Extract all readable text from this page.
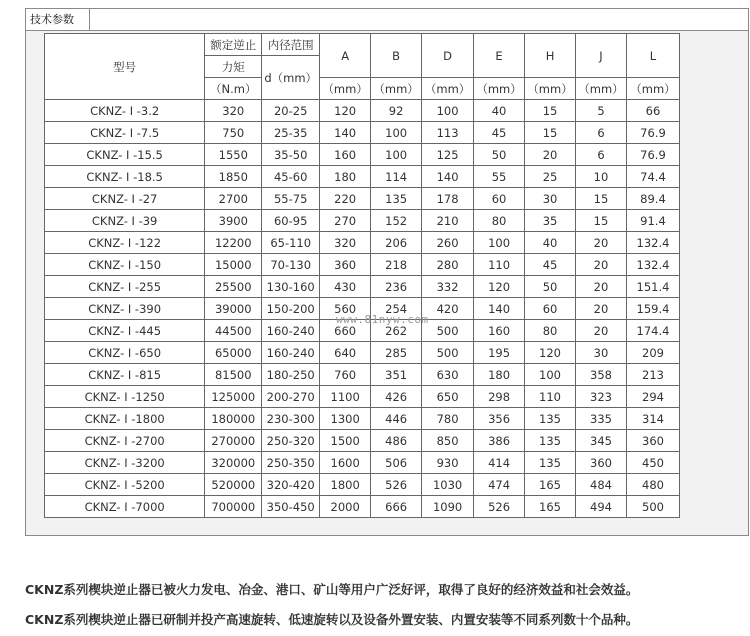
技术参数
型号	额定逆止	内径范围	A	B	D	E	H	J	L
	力矩	d（mm）							
	（N.m）		（mm）	（mm）	（mm）	（mm）	（mm）	（mm）	（mm）
CKNZ- I -3.2	320	20-25	120	92	100	40	15	5	66
CKNZ- I -7.5	750	25-35	140	100	113	45	15	6	76.9
CKNZ- I -15.5	1550	35-50	160	100	125	50	20	6	76.9
CKNZ- I -18.5	1850	45-60	180	114	140	55	25	10	74.4
CKNZ- I -27	2700	55-75	220	135	178	60	30	15	89.4
CKNZ- I -39	3900	60-95	270	152	210	80	35	15	91.4
CKNZ- I -122	12200	65-110	320	206	260	100	40	20	132.4
CKNZ- I -150	15000	70-130	360	218	280	110	45	20	132.4
CKNZ- I -255	25500	130-160	430	236	332	120	50	20	151.4
CKNZ- I -390	39000	150-200	560	254	420	140	60	20	159.4
CKNZ- I -445	44500	160-240	660	262	500	160	80	20	174.4
CKNZ- I -650	65000	160-240	640	285	500	195	120	30	209
CKNZ- I -815	81500	180-250	760	351	630	180	100	358	213
CKNZ- I -1250	125000	200-270	1100	426	650	298	110	323	294
CKNZ- I -1800	180000	230-300	1300	446	780	356	135	335	314
CKNZ- I -2700	270000	250-320	1500	486	850	386	135	345	360
CKNZ- I -3200	320000	250-350	1600	506	930	414	135	360	450
CKNZ- I -5200	520000	320-420	1800	526	1030	474	165	484	480
CKNZ- I -7000	700000	350-450	2000	666	1090	526	165	494	500
www.81nyw.com
CKNZ系列楔块逆止器已被火力发电、冶金、港口、矿山等用户广泛好评，取得了良好的经济效益和社会效益。
CKNZ系列楔块逆止器已研制并投产高速旋转、低速旋转以及设备外置安装、内置安装等不同系列数十个品种。
